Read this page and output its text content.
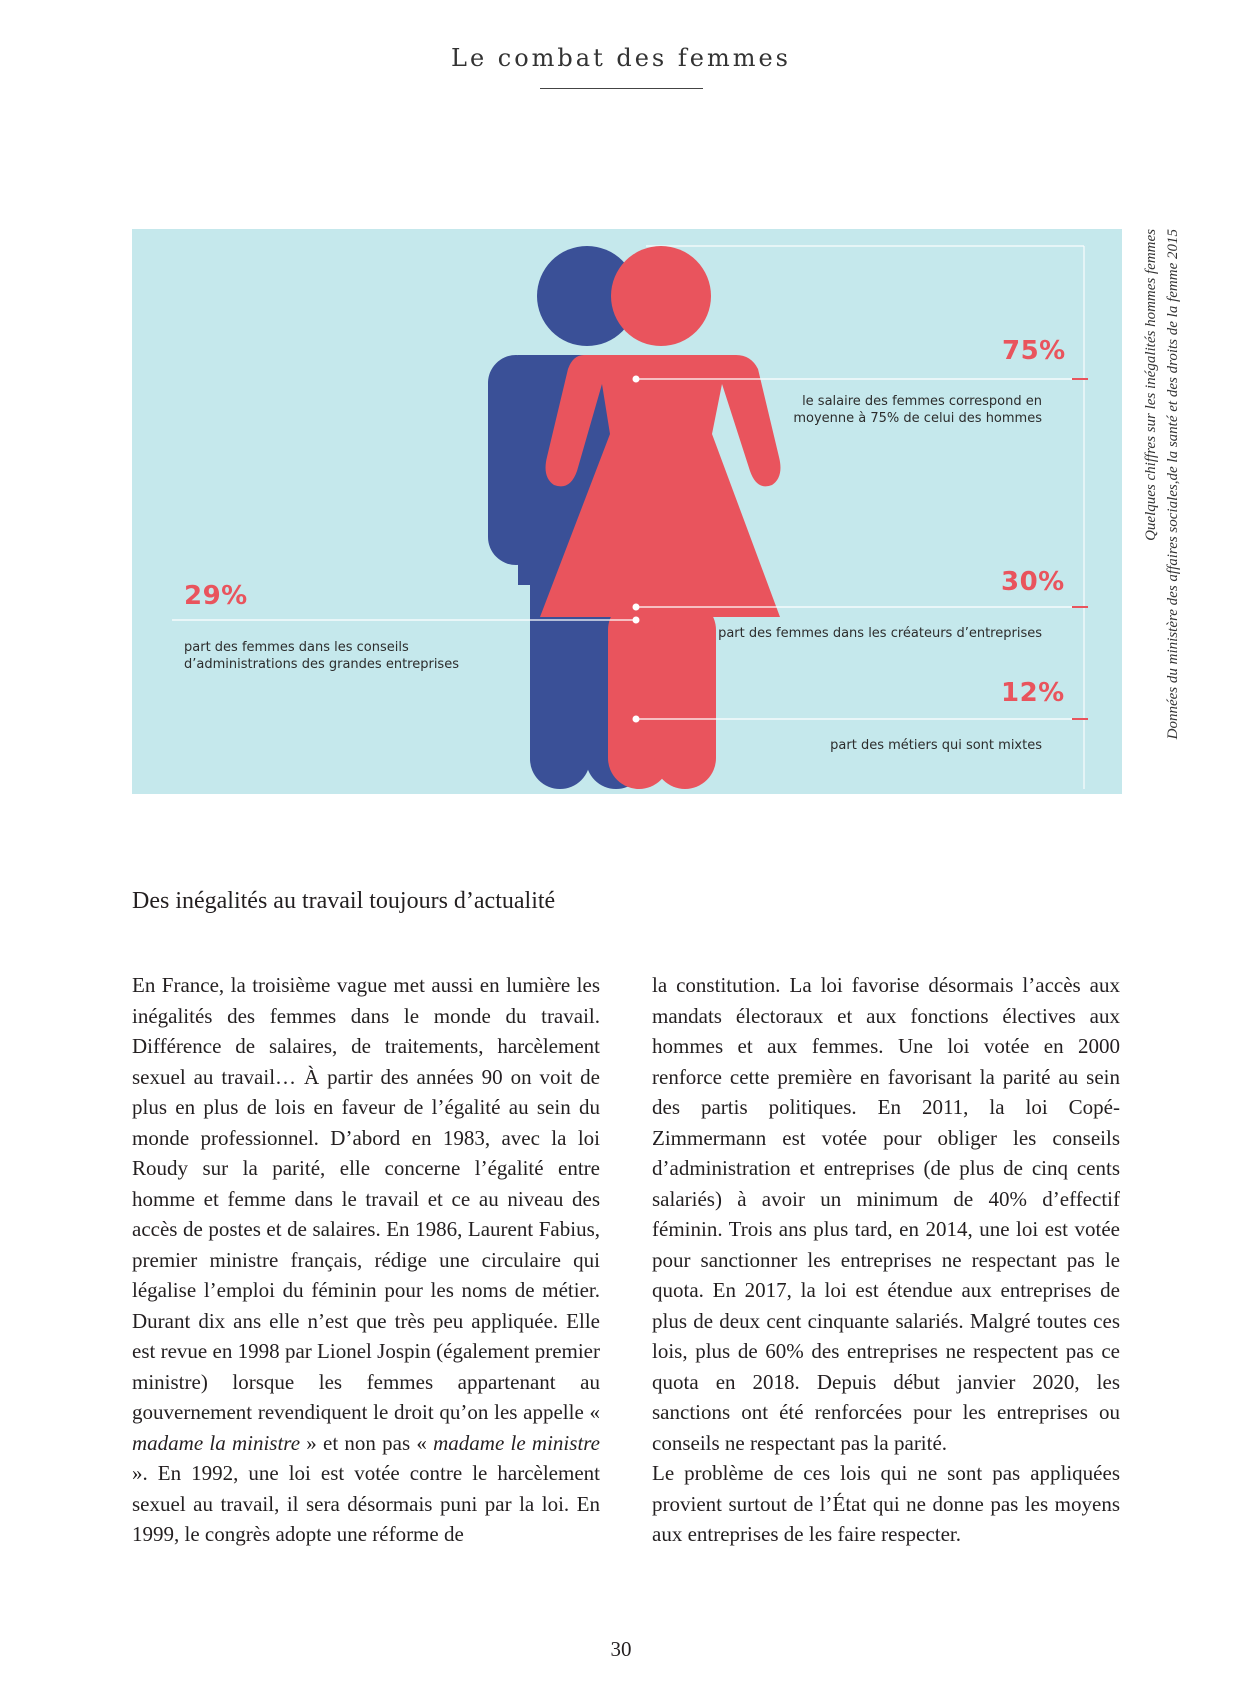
Le combat des femmes
75%
le salaire des femmes correspond en moyenne à 75% de celui des hommes
29%
part des femmes dans les conseils d’administrations des grandes entreprises
30%
part des femmes dans les créateurs d’entreprises
12%
part des métiers qui sont mixtes
Quelques chiffres sur les inégalités hommes femmes Données du ministère des affaires sociales,de la santé et des droits de la femme 2015
Des inégalités au travail toujours d’actualité

En France, la troisième vague met aussi en lumière les inégalités des femmes dans le monde du travail. Différence de salaires, de traitements, harcèlement sexuel au travail… À partir des années 90 on voit de plus en plus de lois en faveur de l’égalité au sein du monde professionnel. D’abord en 1983, avec la loi Roudy sur la parité, elle concerne l’égalité entre homme et femme dans le travail et ce au niveau des accès de postes et de salaires. En 1986, Laurent Fabius, premier ministre français, rédige une circulaire qui légalise l’emploi du féminin pour les noms de métier. Durant dix ans elle n’est que très peu appliquée. Elle est revue en 1998 par Lionel Jospin (également premier ministre) lorsque les femmes appartenant au gouvernement revendiquent le droit qu’on les appelle « madame la ministre » et non pas « madame le ministre ». En 1992, une loi est votée contre le harcèlement sexuel au travail, il sera désormais puni par la loi. En 1999, le congrès adopte une réforme de

la constitution. La loi favorise désormais l’accès aux mandats électoraux et aux fonctions électives aux hommes et aux femmes. Une loi votée en 2000 renforce cette première en favorisant la parité au sein des partis politiques. En 2011, la loi Copé-Zimmermann est votée pour obliger les conseils d’administration et entreprises (de plus de cinq cents salariés) à avoir un minimum de 40% d’effectif féminin. Trois ans plus tard, en 2014, une loi est votée pour sanctionner les entreprises ne respectant pas le quota. En 2017, la loi est étendue aux entreprises de plus de deux cent cinquante salariés. Malgré toutes ces lois, plus de 60% des entreprises ne respectent pas ce quota en 2018. Depuis début janvier 2020, les sanctions ont été renforcées pour les entreprises ou conseils ne respectant pas la parité.

Le problème de ces lois qui ne sont pas appliquées provient surtout de l’État qui ne donne pas les moyens aux entreprises de les faire respecter.

30
